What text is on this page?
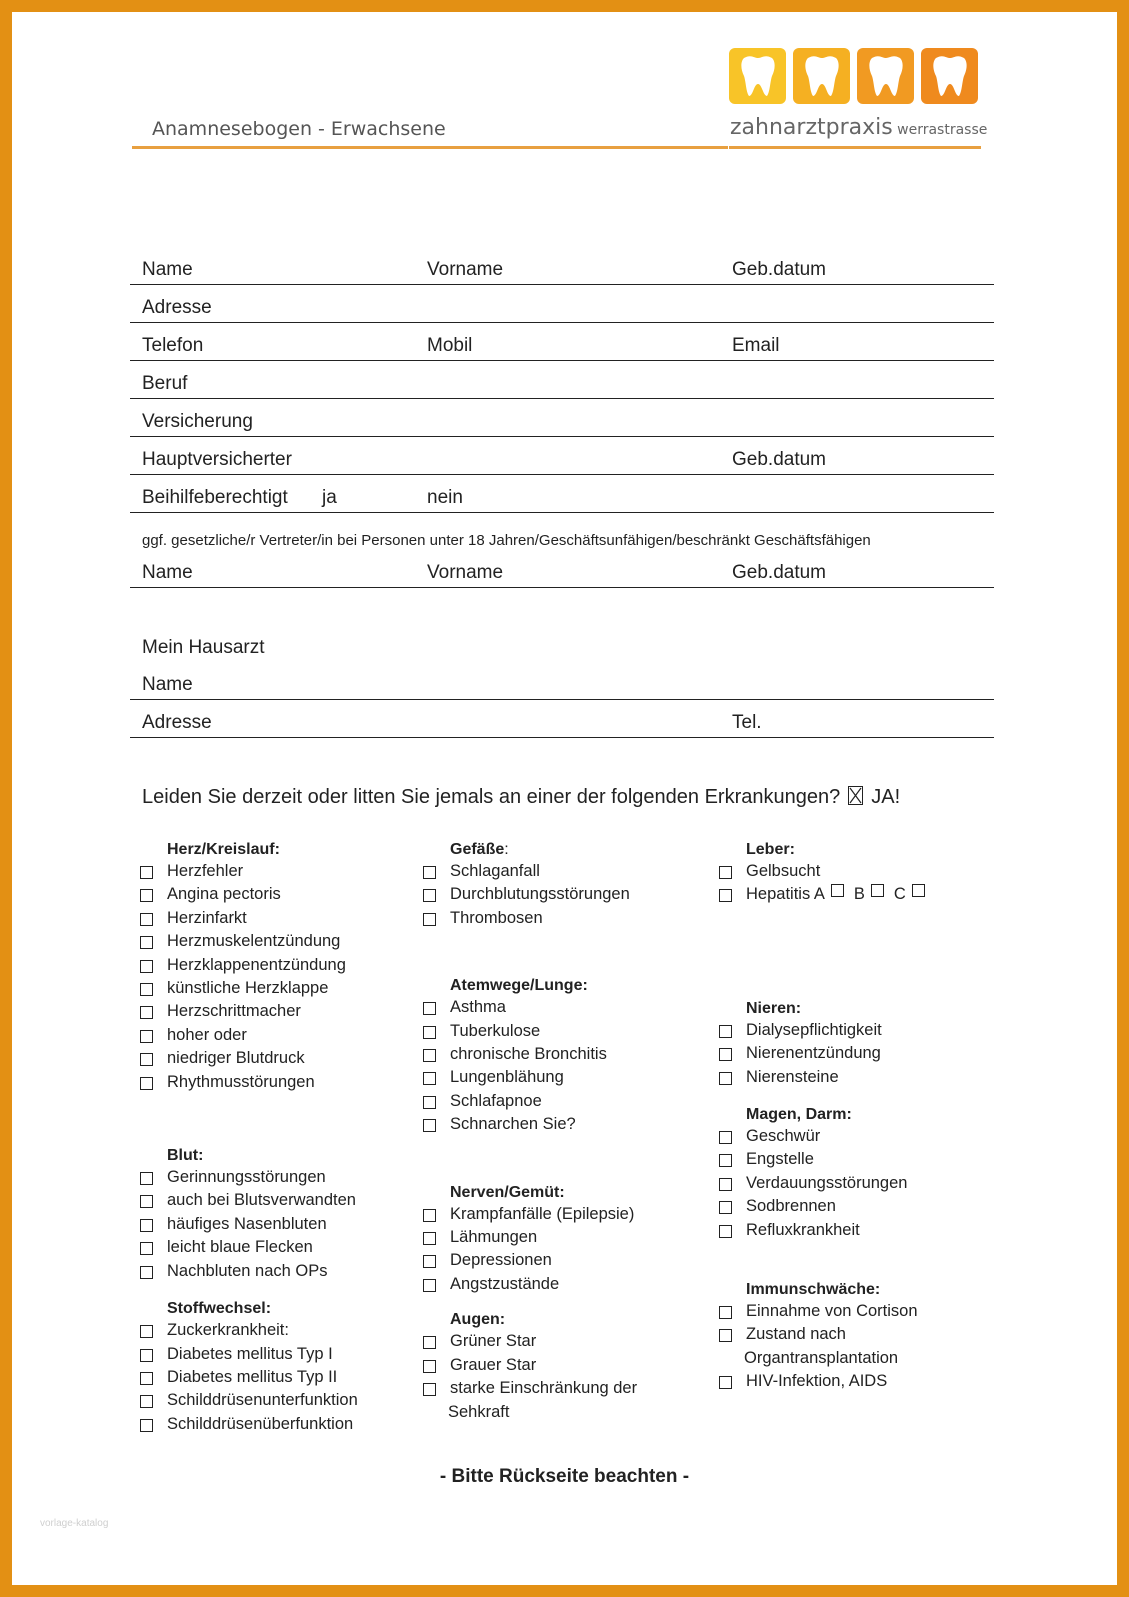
Anamnesebogen - Erwachsene	zahnarztpraxis werrastrasse
Name	Vorname	Geb.datum
Adresse
Telefon	Mobil	Email
Beruf
Versicherung
Hauptversicherter	Geb.datum
Beihilfeberechtigt ja	nein
ggf. gesetzliche/r Vertreter/in bei Personen unter 18 Jahren/Geschäftsunfähigen/beschränkt Geschäftsfähigen
Name	Vorname	Geb.datum
Mein Hausarzt
Name
Adresse	Tel.
Leiden Sie derzeit oder litten Sie jemals an einer der folgenden Erkrankungen? JA!
Herz/Kreislauf:
Herzfehler
Angina pectoris
Herzinfarkt
Herzmuskelentzündung
Herzklappenentzündung
künstliche Herzklappe
Herzschrittmacher
hoher oder
niedriger Blutdruck
Rhythmusstörungen
Blut:
Gerinnungsstörungen
auch bei Blutsverwandten
häufiges Nasenbluten
leicht blaue Flecken
Nachbluten nach OPs
Stoffwechsel:
Zuckerkrankheit:
Diabetes mellitus Typ I
Diabetes mellitus Typ II
Schilddrüsenunterfunktion
Schilddrüsenüberfunktion
Gefäße:
Schlaganfall
Durchblutungsstörungen
Thrombosen
Atemwege/Lunge:
Asthma
Tuberkulose
chronische Bronchitis
Lungenblähung
Schlafapnoe
Schnarchen Sie?
Nerven/Gemüt:
Krampfanfälle (Epilepsie)
Lähmungen
Depressionen
Angstzustände
Augen:
Grüner Star
Grauer Star
starke Einschränkung der
Sehkraft
Leber:
Gelbsucht
Hepatitis A B C
Nieren:
Dialysepflichtigkeit
Nierenentzündung
Nierensteine
Magen, Darm:
Geschwür
Engstelle
Verdauungsstörungen
Sodbrennen
Refluxkrankheit
Immunschwäche:
Einnahme von Cortison
Zustand nach
Organtransplantation
HIV-Infektion, AIDS
- Bitte Rückseite beachten -
vorlage-katalog
